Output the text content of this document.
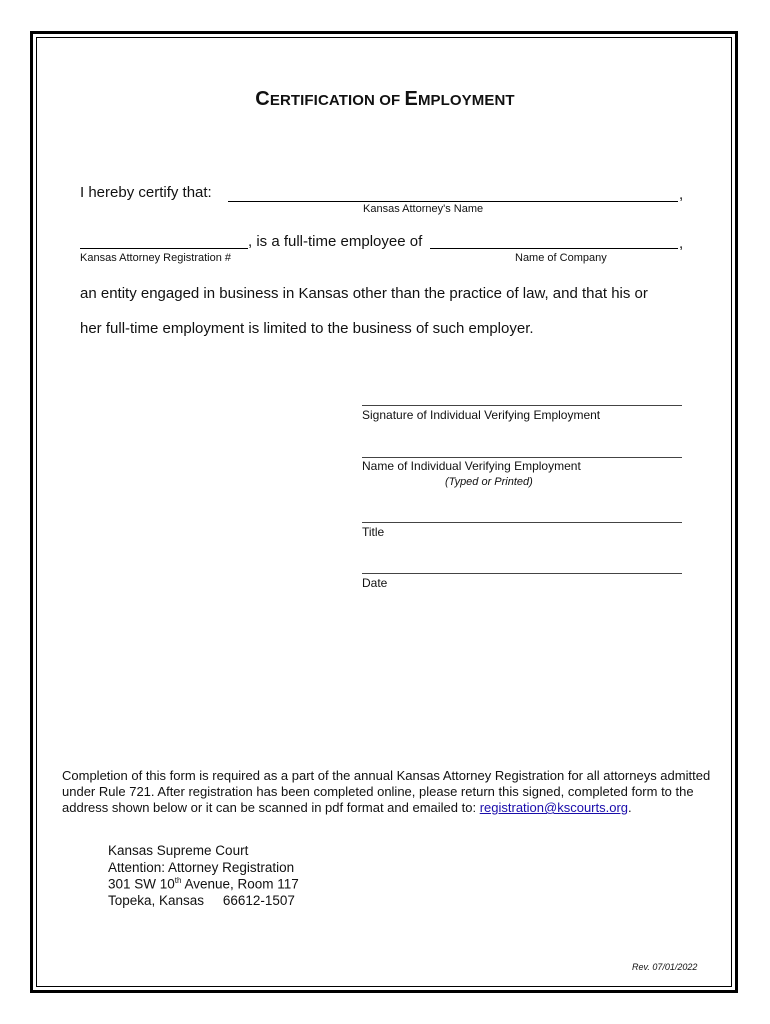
CERTIFICATION OF EMPLOYMENT
I hereby certify that:	,
Kansas Attorney's Name
, is a full-time employee of	,
Kansas Attorney Registration #	Name of Company
an entity engaged in business in Kansas other than the practice of law, and that his or
her full-time employment is limited to the business of such employer.
Signature of Individual Verifying Employment
Name of Individual Verifying Employment
(Typed or Printed)
Title
Date
Completion of this form is required as a part of the annual Kansas Attorney Registration for all attorneys admitted under Rule 721. After registration has been completed online, please return this signed, completed form to the address shown below or it can be scanned in pdf format and emailed to: registration@kscourts.org.
Kansas Supreme Court
Attention: Attorney Registration
301 SW 10th Avenue, Room 117
Topeka, Kansas     66612-1507
Rev. 07/01/2022
